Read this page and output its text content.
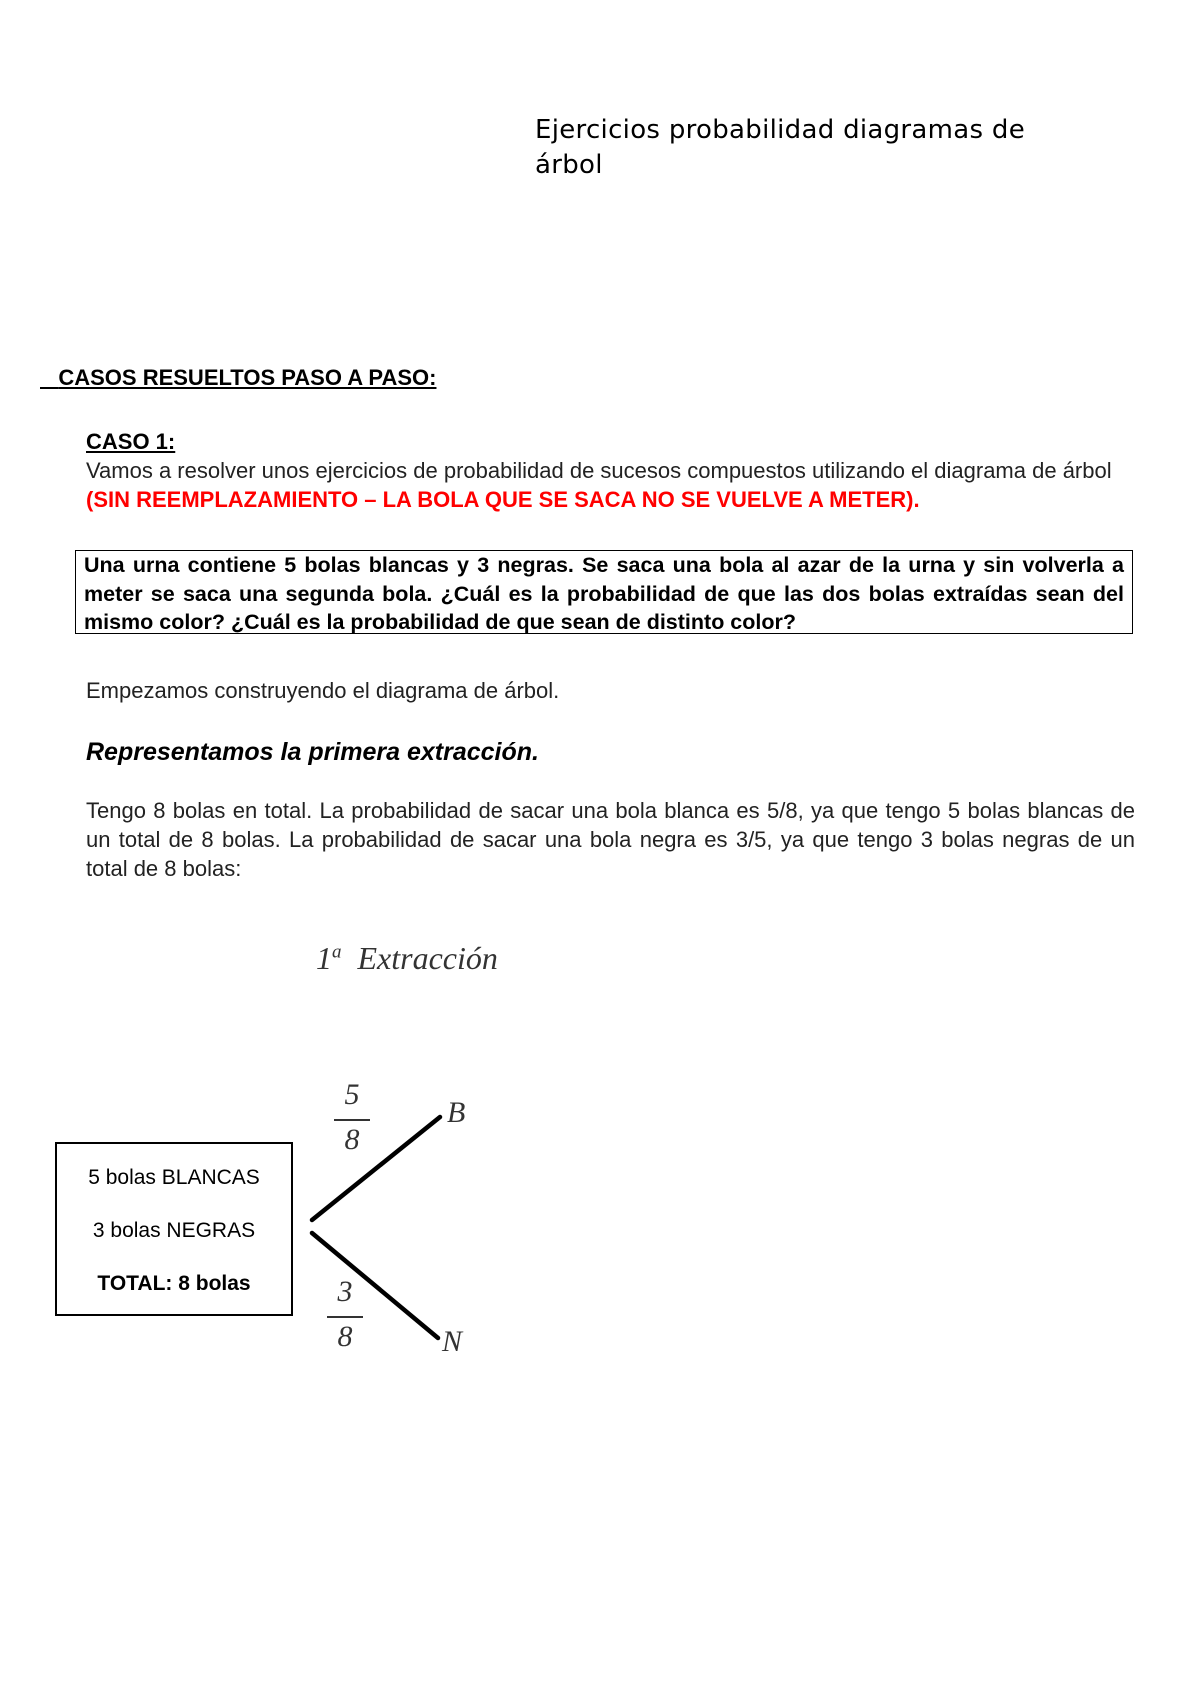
Ejercicios probabilidad diagramas de árbol
CASOS RESUELTOS PASO A PASO:
CASO 1:
Vamos a resolver unos ejercicios de probabilidad de sucesos compuestos utilizando el diagrama de árbol (SIN REEMPLAZAMIENTO – LA BOLA QUE SE SACA NO SE VUELVE A METER).
Una urna contiene 5 bolas blancas y 3 negras. Se saca una bola al azar de la urna y sin volverla a meter se saca una segunda bola. ¿Cuál es la probabilidad de que las dos bolas extraídas sean del mismo color? ¿Cuál es la probabilidad de que sean de distinto color?
Empezamos construyendo el diagrama de árbol.
Representamos la primera extracción.
Tengo 8 bolas en total. La probabilidad de sacar una bola blanca es 5/8, ya que tengo 5 bolas blancas de un total de 8 bolas. La probabilidad de sacar una bola negra es 3/5, ya que tengo 3 bolas negras de un total de 8 bolas:
1$^a$ Extracción
5 bolas BLANCAS
3 bolas NEGRAS
TOTAL: 8 bolas
5
8
B
3
8	N
